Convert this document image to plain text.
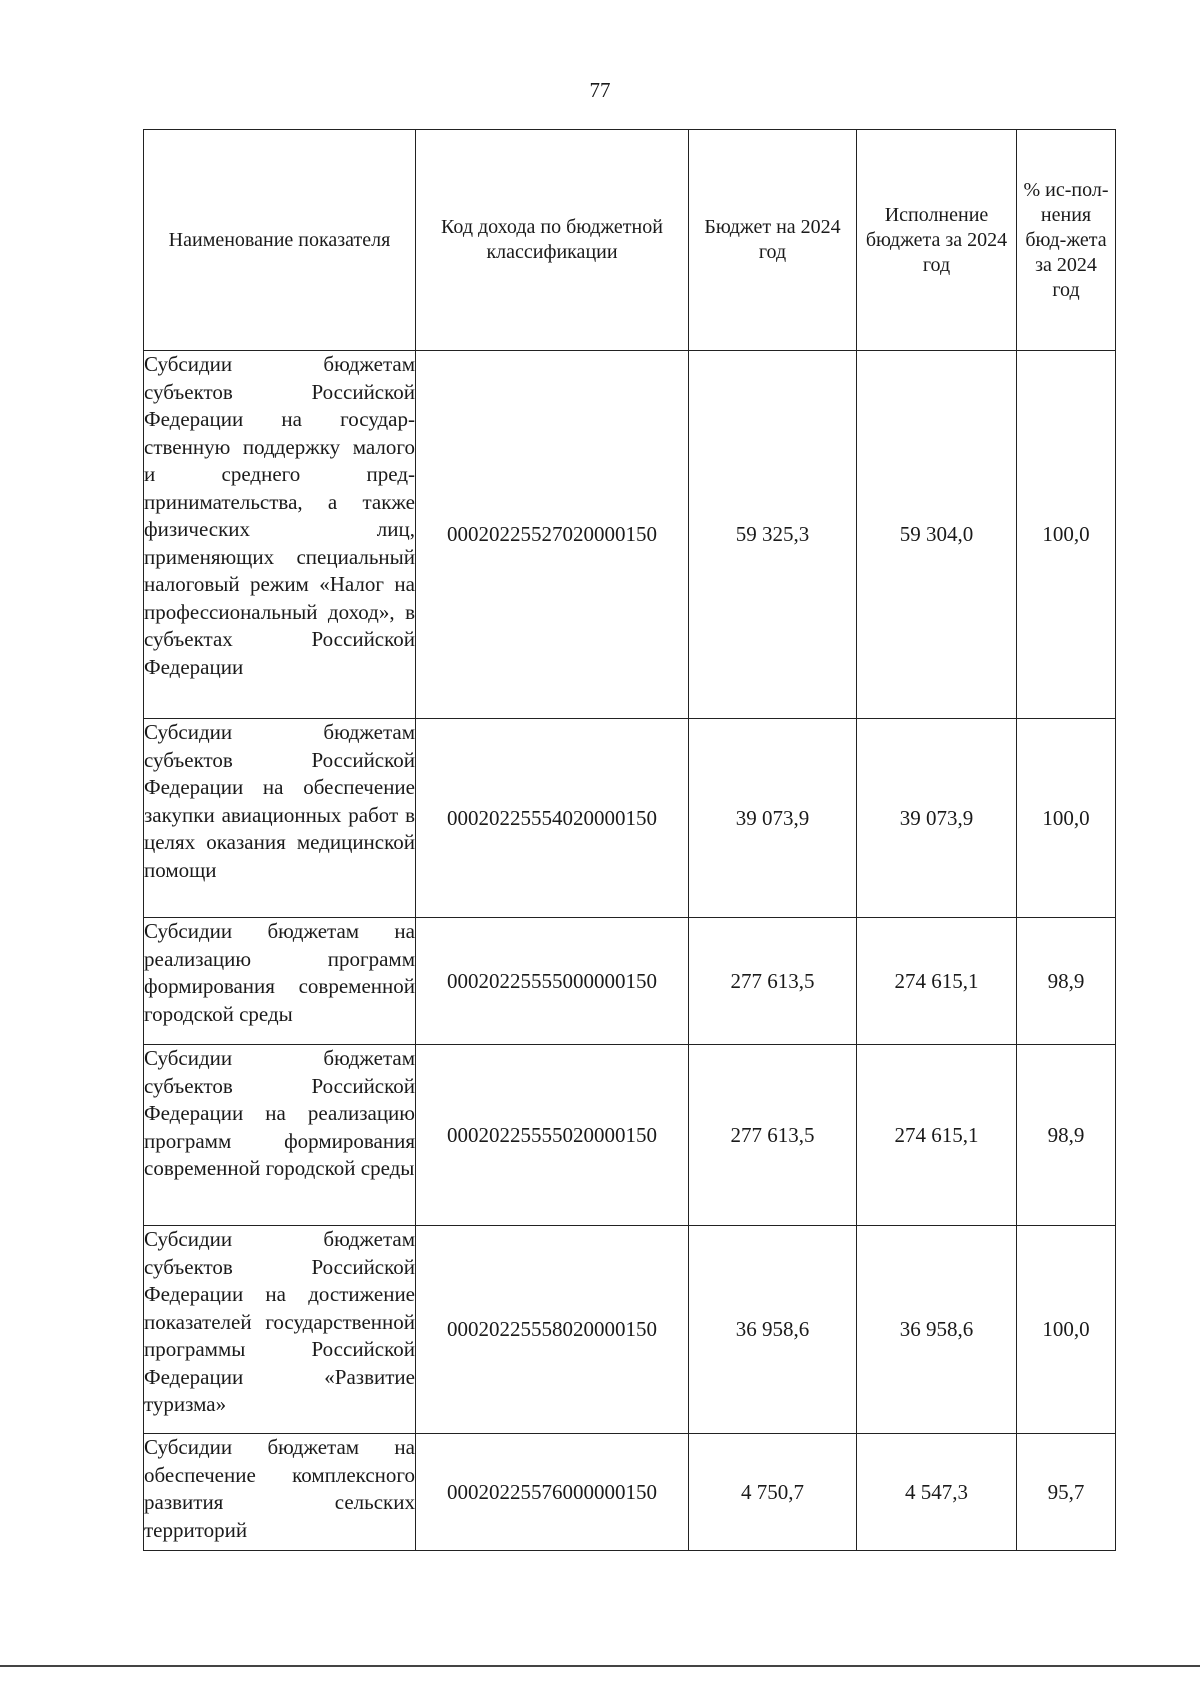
77
Наименование показателя	Код дохода по бюджетной классификации	Бюджет на 2024 год	Исполнение бюджета за 2024 год	% ис-пол-нения бюд-жета за 2024 год
Субсидии бюджетам субъектов Российской Федерации на государственную поддержку малого и среднего предпринимательства, а также физических лиц, применяющих специальный налоговый режим «Налог на профессиональный доход», в субъектах Российской Федерации	00020225527020000150	59 325,3	59 304,0	100,0
Субсидии бюджетам субъектов Российской Федерации на обеспечение закупки авиационных работ в целях оказания медицинской помощи	00020225554020000150	39 073,9	39 073,9	100,0
Субсидии бюджетам на реализацию программ формирования современной городской среды	00020225555000000150	277 613,5	274 615,1	98,9
Субсидии бюджетам субъектов Российской Федерации на реализацию программ формирования современной городской среды	00020225555020000150	277 613,5	274 615,1	98,9
Субсидии бюджетам субъектов Российской Федерации на достижение показателей государственной программы Российской Федерации «Развитие туризма»	00020225558020000150	36 958,6	36 958,6	100,0
Субсидии бюджетам на обеспечение комплексного развития сельских территорий	00020225576000000150	4 750,7	4 547,3	95,7
